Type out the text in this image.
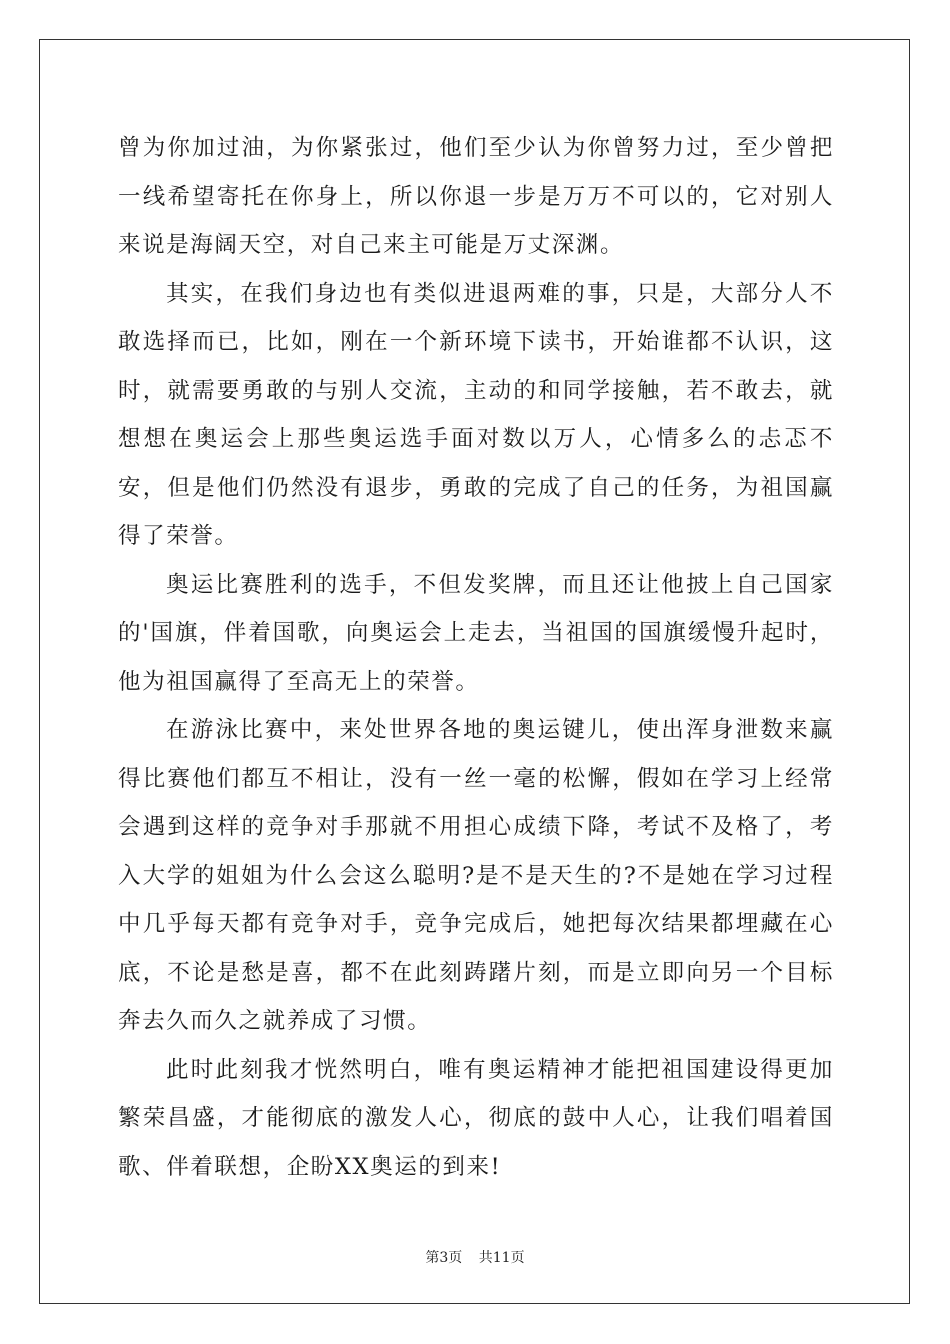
曾为你加过油，为你紧张过，他们至少认为你曾努力过，至少曾把一线希望寄托在你身上，所以你退一步是万万不可以的，它对别人来说是海阔天空，对自己来主可能是万丈深渊。

其实，在我们身边也有类似进退两难的事，只是，大部分人不敢选择而已，比如，刚在一个新环境下读书，开始谁都不认识，这时，就需要勇敢的与别人交流，主动的和同学接触，若不敢去，就想想在奥运会上那些奥运选手面对数以万人，心情多么的忐忑不安，但是他们仍然没有退步，勇敢的完成了自己的任务，为祖国赢得了荣誉。

奥运比赛胜利的选手，不但发奖牌，而且还让他披上自己国家的'国旗，伴着国歌，向奥运会上走去，当祖国的国旗缓慢升起时，他为祖国赢得了至高无上的荣誉。

在游泳比赛中，来处世界各地的奥运键儿，使出浑身泄数来赢得比赛他们都互不相让，没有一丝一毫的松懈，假如在学习上经常会遇到这样的竞争对手那就不用担心成绩下降，考试不及格了，考入大学的姐姐为什么会这么聪明?是不是天生的?不是她在学习过程中几乎每天都有竞争对手，竞争完成后，她把每次结果都埋藏在心底，不论是愁是喜，都不在此刻踌躇片刻，而是立即向另一个目标奔去久而久之就养成了习惯。

此时此刻我才恍然明白，唯有奥运精神才能把祖国建设得更加繁荣昌盛，才能彻底的激发人心，彻底的鼓中人心，让我们唱着国歌、伴着联想，企盼XX奥运的到来!

第3页 共11页
